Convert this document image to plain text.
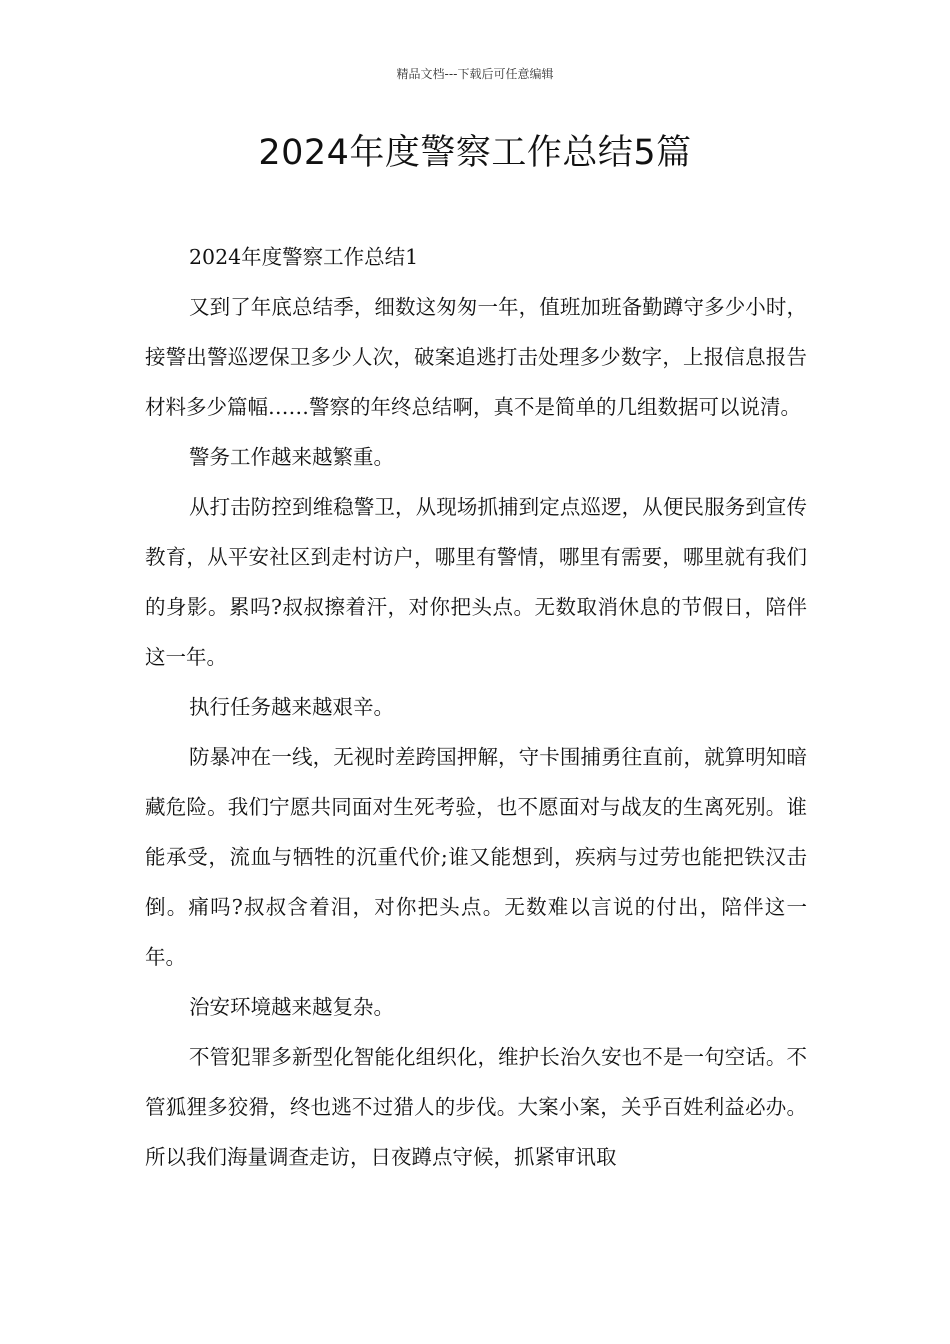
精品文档---下载后可任意编辑
2024年度警察工作总结5篇

2024年度警察工作总结1

又到了年底总结季，细数这匆匆一年，值班加班备勤蹲守多少小时，接警出警巡逻保卫多少人次，破案追逃打击处理多少数字，上报信息报告材料多少篇幅……警察的年终总结啊，真不是简单的几组数据可以说清。

警务工作越来越繁重。

从打击防控到维稳警卫，从现场抓捕到定点巡逻，从便民服务到宣传教育，从平安社区到走村访户，哪里有警情，哪里有需要，哪里就有我们的身影。累吗?叔叔擦着汗，对你把头点。无数取消休息的节假日，陪伴这一年。

执行任务越来越艰辛。

防暴冲在一线，无视时差跨国押解，守卡围捕勇往直前，就算明知暗藏危险。我们宁愿共同面对生死考验，也不愿面对与战友的生离死别。谁能承受，流血与牺牲的沉重代价;谁又能想到，疾病与过劳也能把铁汉击倒。痛吗?叔叔含着泪，对你把头点。无数难以言说的付出，陪伴这一年。

治安环境越来越复杂。

不管犯罪多新型化智能化组织化，维护长治久安也不是一句空话。不管狐狸多狡猾，终也逃不过猎人的步伐。大案小案，关乎百姓利益必办。所以我们海量调查走访，日夜蹲点守候，抓紧审讯取
